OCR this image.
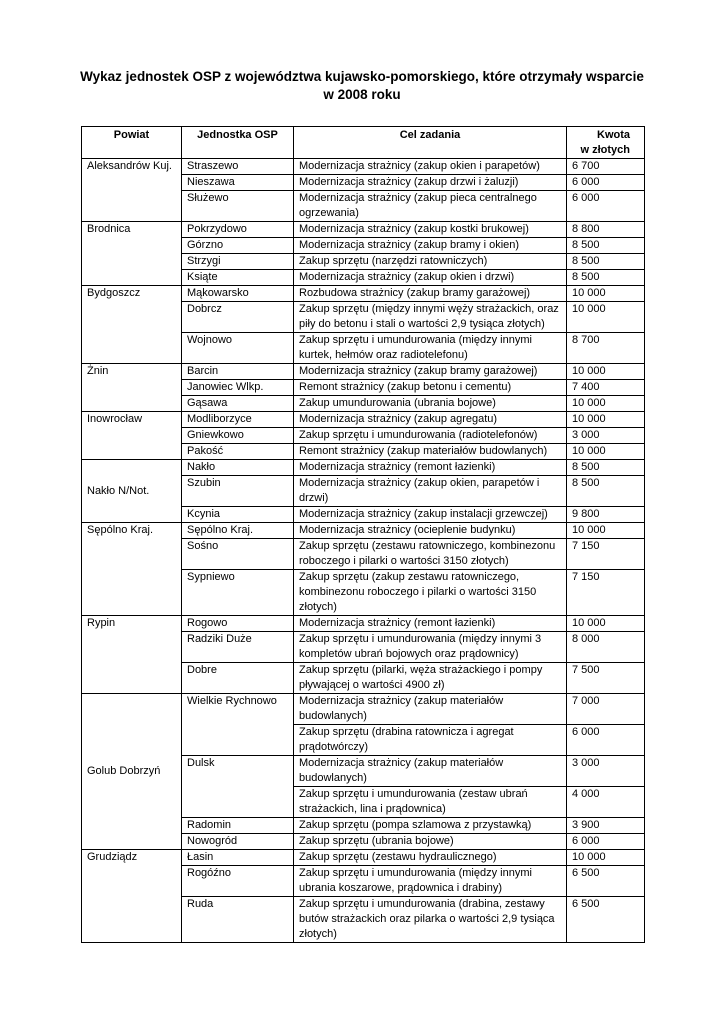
Wykaz jednostek OSP z województwa kujawsko-pomorskiego, które otrzymały wsparcie
w 2008 roku
Powiat	Jednostka OSP	Cel zadania	Kwota
w złotych
Aleksandrów Kuj.	Straszewo	Modernizacja strażnicy (zakup okien i parapetów)	6 700
	Nieszawa	Modernizacja strażnicy (zakup drzwi i żaluzji)	6 000
	Służewo	Modernizacja strażnicy (zakup pieca centralnego ogrzewania)	6 000
Brodnica	Pokrzydowo	Modernizacja strażnicy (zakup kostki brukowej)	8 800
	Górzno	Modernizacja strażnicy (zakup bramy i okien)	8 500
	Strzygi	Zakup sprzętu (narzędzi ratowniczych)	8 500
	Ksiąte	Modernizacja strażnicy (zakup okien i drzwi)	8 500
Bydgoszcz	Mąkowarsko	Rozbudowa strażnicy (zakup bramy garażowej)	10 000
	Dobrcz	Zakup sprzętu (między innymi węży strażackich, oraz piły do betonu i stali o wartości 2,9 tysiąca złotych)	10 000
	Wojnowo	Zakup sprzętu i umundurowania (między innymi kurtek, hełmów oraz radiotelefonu)	8 700
Żnin	Barcin	Modernizacja strażnicy (zakup bramy garażowej)	10 000
	Janowiec Wlkp.	Remont strażnicy (zakup betonu i cementu)	7 400
	Gąsawa	Zakup umundurowania (ubrania bojowe)	10 000
Inowrocław	Modliborzyce	Modernizacja strażnicy (zakup agregatu)	10 000
	Gniewkowo	Zakup sprzętu i umundurowania (radiotelefonów)	3 000
	Pakość	Remont strażnicy (zakup materiałów budowlanych)	10 000
Nakło N/Not.	Nakło	Modernizacja strażnicy (remont łazienki)	8 500
	Szubin	Modernizacja strażnicy (zakup okien, parapetów i drzwi)	8 500
	Kcynia	Modernizacja strażnicy (zakup instalacji grzewczej)	9 800
Sępólno Kraj.	Sępólno Kraj.	Modernizacja strażnicy (ocieplenie budynku)	10 000
	Sośno	Zakup sprzętu (zestawu ratowniczego, kombinezonu roboczego i pilarki o wartości 3150 złotych)	7 150
	Sypniewo	Zakup sprzętu (zakup zestawu ratowniczego, kombinezonu roboczego i pilarki o wartości 3150 złotych)	7 150
Rypin	Rogowo	Modernizacja strażnicy (remont łazienki)	10 000
	Radziki Duże	Zakup sprzętu i umundurowania (między innymi 3 kompletów ubrań bojowych oraz prądownicy)	8 000
	Dobre	Zakup sprzętu (pilarki, węża strażackiego i pompy pływającej o wartości 4900 zł)	7 500
Golub Dobrzyń	Wielkie Rychnowo	Modernizacja strażnicy (zakup materiałów budowlanych)	7 000
		Zakup sprzętu (drabina ratownicza i agregat prądotwórczy)	6 000
	Dulsk	Modernizacja strażnicy (zakup materiałów budowlanych)	3 000
		Zakup sprzętu i umundurowania (zestaw ubrań strażackich, lina i prądownica)	4 000
	Radomin	Zakup sprzętu (pompa szlamowa z przystawką)	3 900
	Nowogród	Zakup sprzętu (ubrania bojowe)	6 000
Grudziądz	Łasin	Zakup sprzętu (zestawu hydraulicznego)	10 000
	Rogóźno	Zakup sprzętu i umundurowania (między innymi ubrania koszarowe, prądownica i drabiny)	6 500
	Ruda	Zakup sprzętu i umundurowania (drabina, zestawy butów strażackich oraz pilarka o wartości 2,9 tysiąca złotych)	6 500
